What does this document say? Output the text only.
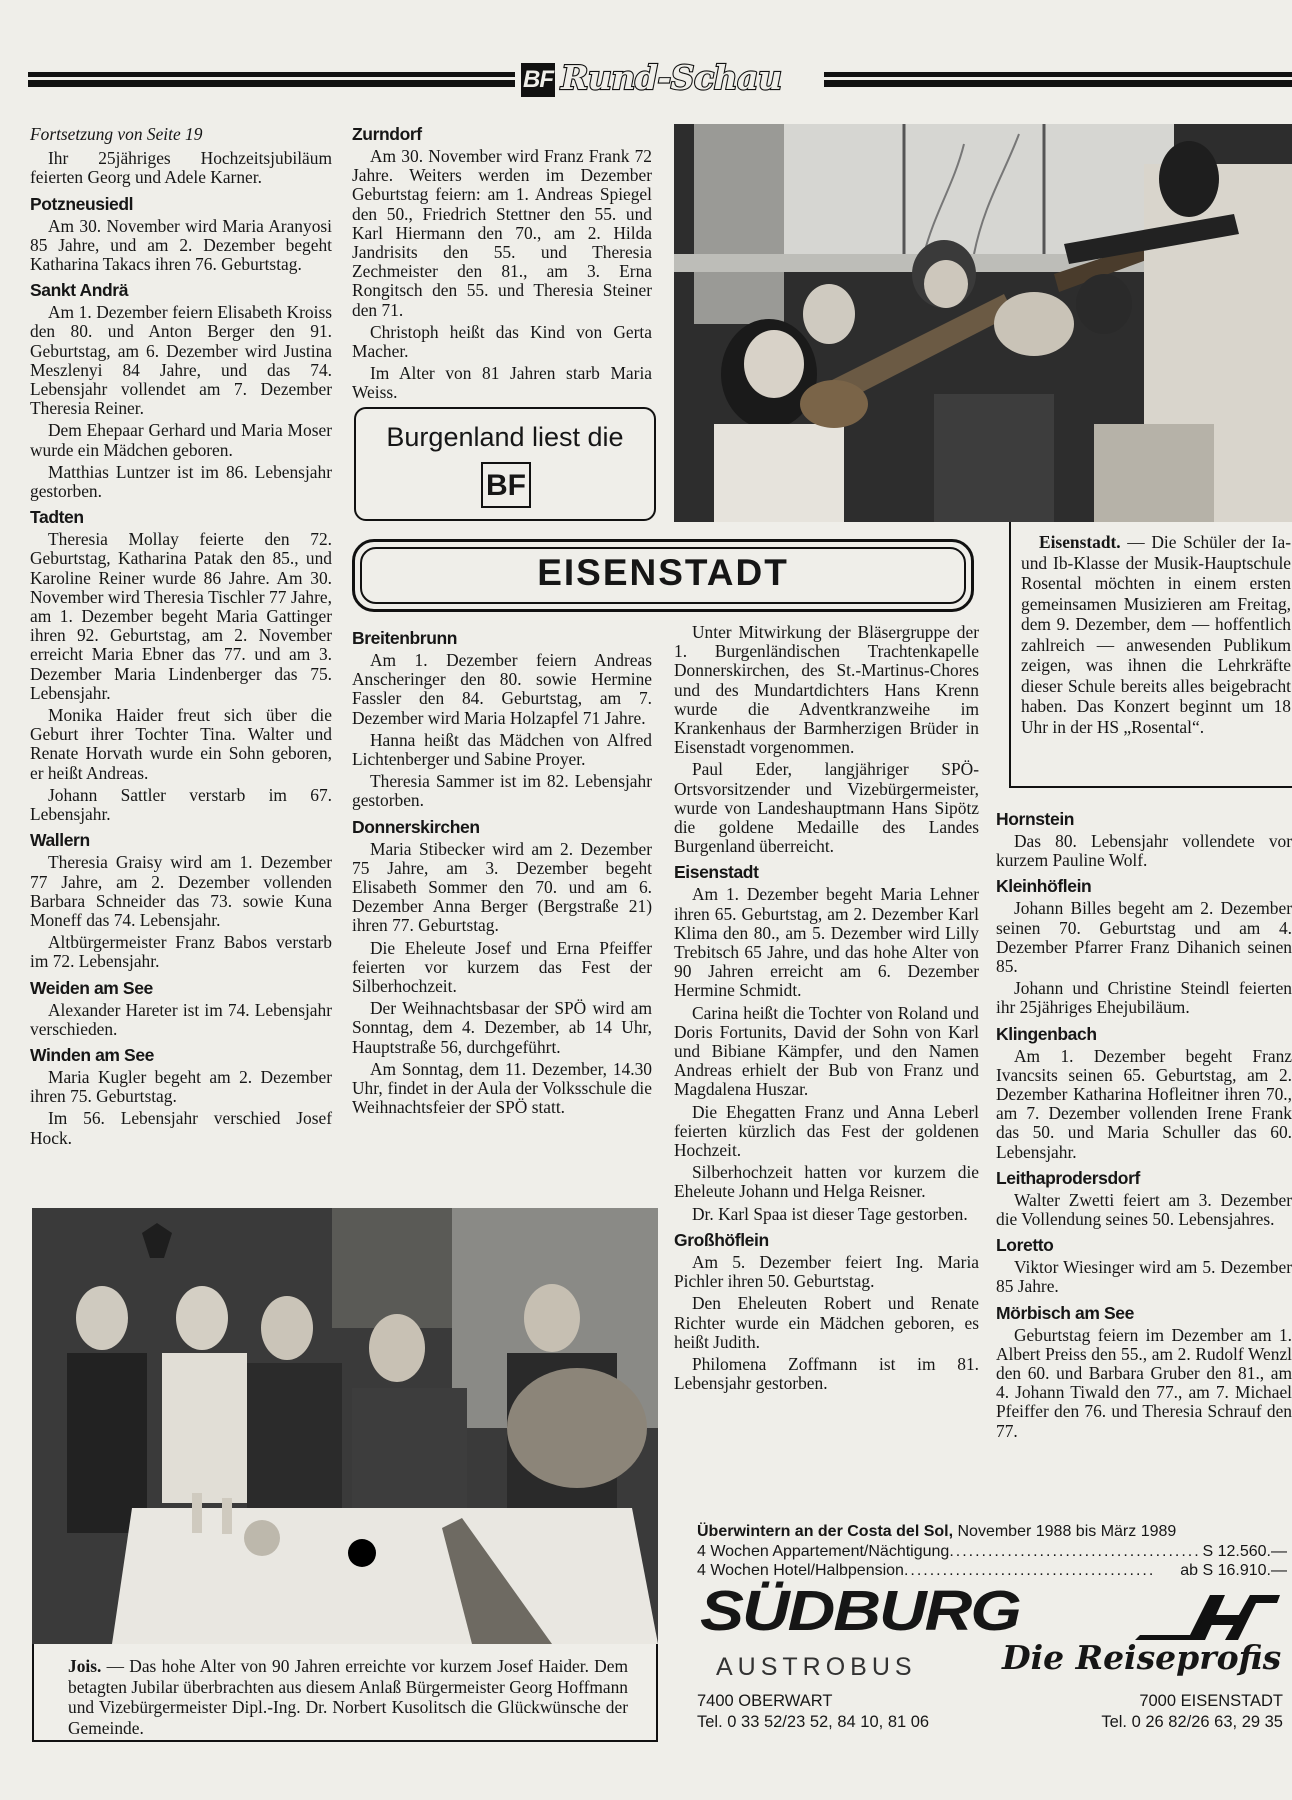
BF Rund-Schau

Fortsetzung von Seite 19

Ihr 25jähriges Hochzeitsjubiläum feierten Georg und Adele Karner.

Potzneusiedl

Am 30. November wird Maria Aranyosi 85 Jahre, und am 2. Dezember begeht Katharina Takacs ihren 76. Geburtstag.

Sankt Andrä

Am 1. Dezember feiern Elisabeth Kroiss den 80. und Anton Berger den 91. Geburtstag, am 6. Dezember wird Justina Meszlenyi 84 Jahre, und das 74. Lebensjahr vollendet am 7. Dezember Theresia Reiner.

Dem Ehepaar Gerhard und Maria Moser wurde ein Mädchen geboren.

Matthias Luntzer ist im 86. Lebensjahr gestorben.

Tadten

Theresia Mollay feierte den 72. Geburtstag, Katharina Patak den 85., und Karoline Reiner wurde 86 Jahre. Am 30. November wird Theresia Tischler 77 Jahre, am 1. Dezember begeht Maria Gattinger ihren 92. Geburtstag, am 2. November erreicht Maria Ebner das 77. und am 3. Dezember Maria Lindenberger das 75. Lebensjahr.

Monika Haider freut sich über die Geburt ihrer Tochter Tina. Walter und Renate Horvath wurde ein Sohn geboren, er heißt Andreas.

Johann Sattler verstarb im 67. Lebensjahr.

Wallern

Theresia Graisy wird am 1. Dezember 77 Jahre, am 2. Dezember vollenden Barbara Schneider das 73. sowie Kuna Moneff das 74. Lebensjahr.

Altbürgermeister Franz Babos verstarb im 72. Lebensjahr.

Weiden am See

Alexander Hareter ist im 74. Lebensjahr verschieden.

Winden am See

Maria Kugler begeht am 2. Dezember ihren 75. Geburtstag.

Im 56. Lebensjahr verschied Josef Hock.

Zurndorf

Am 30. November wird Franz Frank 72 Jahre. Weiters werden im Dezember Geburtstag feiern: am 1. Andreas Spiegel den 50., Friedrich Stettner den 55. und Karl Hiermann den 70., am 2. Hilda Jandrisits den 55. und Theresia Zechmeister den 81., am 3. Erna Rongitsch den 55. und Theresia Steiner den 71.

Christoph heißt das Kind von Gerta Macher.

Im Alter von 81 Jahren starb Maria Weiss.

Burgenland liest die
BF
Eisenstadt. — Die Schüler der Ia- und Ib-Klasse der Musik-Hauptschule Rosental möchten in einem ersten gemeinsamen Musizieren am Freitag, dem 9. Dezember, dem — hoffentlich zahlreich — anwesenden Publikum zeigen, was ihnen die Lehrkräfte dieser Schule bereits alles beigebracht haben. Das Konzert beginnt um 18 Uhr in der HS „Rosental“.
EISENSTADT
Breitenbrunn

Am 1. Dezember feiern Andreas Anscheringer den 80. sowie Hermine Fassler den 84. Geburtstag, am 7. Dezember wird Maria Holzapfel 71 Jahre.

Hanna heißt das Mädchen von Alfred Lichtenberger und Sabine Proyer.

Theresia Sammer ist im 82. Lebensjahr gestorben.

Donnerskirchen

Maria Stibecker wird am 2. Dezember 75 Jahre, am 3. Dezember begeht Elisabeth Sommer den 70. und am 6. Dezember Anna Berger (Bergstraße 21) ihren 77. Geburtstag.

Die Eheleute Josef und Erna Pfeiffer feierten vor kurzem das Fest der Silberhochzeit.

Der Weihnachtsbasar der SPÖ wird am Sonntag, dem 4. Dezember, ab 14 Uhr, Hauptstraße 56, durchgeführt.

Am Sonntag, dem 11. Dezember, 14.30 Uhr, findet in der Aula der Volksschule die Weihnachtsfeier der SPÖ statt.

Unter Mitwirkung der Bläsergruppe der 1. Burgenländischen Trachtenkapelle Donnerskirchen, des St.-Martinus-Chores und des Mundartdichters Hans Krenn wurde die Adventkranzweihe im Krankenhaus der Barmherzigen Brüder in Eisenstadt vorgenommen.

Paul Eder, langjähriger SPÖ-Ortsvorsitzender und Vizebürgermeister, wurde von Landeshauptmann Hans Sipötz die goldene Medaille des Landes Burgenland überreicht.

Eisenstadt

Am 1. Dezember begeht Maria Lehner ihren 65. Geburtstag, am 2. Dezember Karl Klima den 80., am 5. Dezember wird Lilly Trebitsch 65 Jahre, und das hohe Alter von 90 Jahren erreicht am 6. Dezember Hermine Schmidt.

Carina heißt die Tochter von Roland und Doris Fortunits, David der Sohn von Karl und Bibiane Kämpfer, und den Namen Andreas erhielt der Bub von Franz und Magdalena Huszar.

Die Ehegatten Franz und Anna Leberl feierten kürzlich das Fest der goldenen Hochzeit.

Silberhochzeit hatten vor kurzem die Eheleute Johann und Helga Reisner.

Dr. Karl Spaa ist dieser Tage gestorben.

Großhöflein

Am 5. Dezember feiert Ing. Maria Pichler ihren 50. Geburtstag.

Den Eheleuten Robert und Renate Richter wurde ein Mädchen geboren, es heißt Judith.

Philomena Zoffmann ist im 81. Lebensjahr gestorben.

Hornstein

Das 80. Lebensjahr vollendete vor kurzem Pauline Wolf.

Kleinhöflein

Johann Billes begeht am 2. Dezember seinen 70. Geburtstag und am 4. Dezember Pfarrer Franz Dihanich seinen 85.

Johann und Christine Steindl feierten ihr 25jähriges Ehejubiläum.

Klingenbach

Am 1. Dezember begeht Franz Ivancsits seinen 65. Geburtstag, am 2. Dezember Katharina Hofleitner ihren 70., am 7. Dezember vollenden Irene Frank das 50. und Maria Schuller das 60. Lebensjahr.

Leithaprodersdorf

Walter Zwetti feiert am 3. Dezember die Vollendung seines 50. Lebensjahres.

Loretto

Viktor Wiesinger wird am 5. Dezember 85 Jahre.

Mörbisch am See

Geburtstag feiern im Dezember am 1. Albert Preiss den 55., am 2. Rudolf Wenzl den 60. und Barbara Gruber den 81., am 4. Johann Tiwald den 77., am 7. Michael Pfeiffer den 76. und Theresia Schrauf den 77.

Jois. — Das hohe Alter von 90 Jahren erreichte vor kurzem Josef Haider. Dem betagten Jubilar überbrachten aus diesem Anlaß Bürgermeister Georg Hoffmann und Vizebürgermeister Dipl.-Ing. Dr. Norbert Kusolitsch die Glückwünsche der Gemeinde.
Überwintern an der Costa del Sol, November 1988 bis März 1989
4 Wochen Appartement/Nächtigung ....................................... S 12.560.—
4 Wochen Hotel/Halbpension .......................................	ab S 16.910.—
SÜDBURG
AUSTROBUS	Die Reiseprofis
7400 OBERWART
Tel. 0 33 52/23 52, 84 10, 81 06
7000 EISENSTADT
Tel. 0 26 82/26 63, 29 35
